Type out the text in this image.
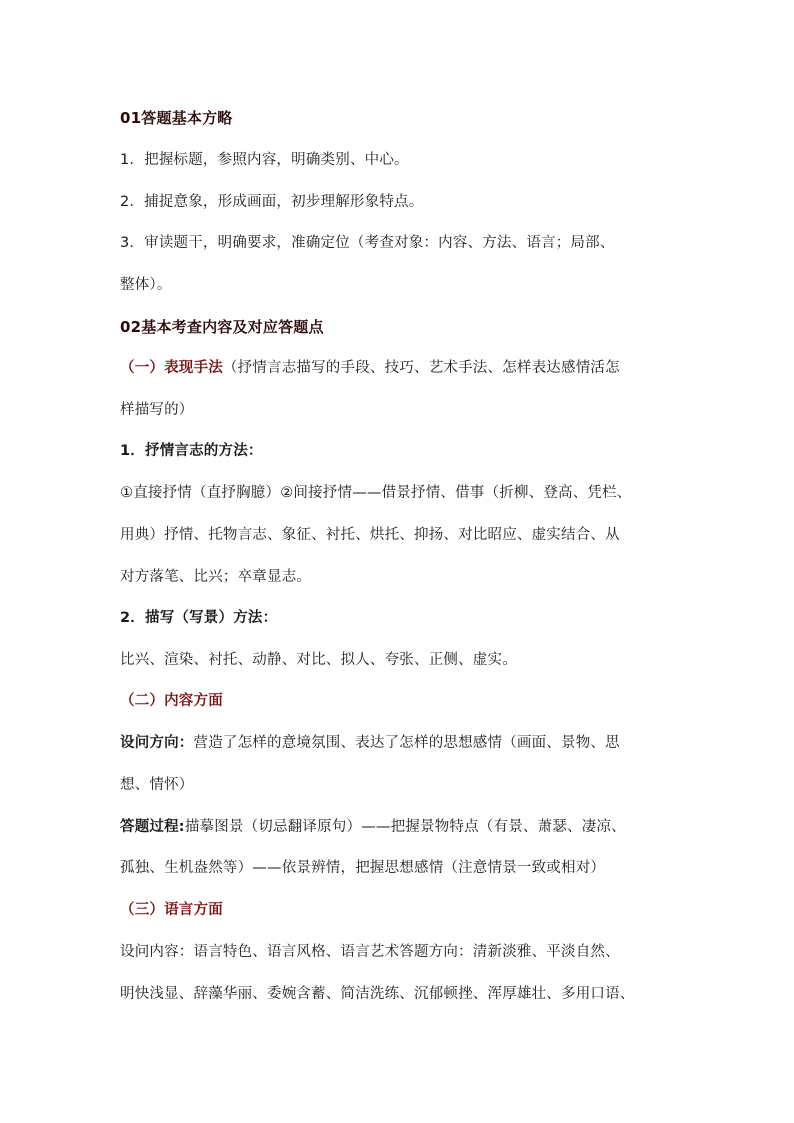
01答题基本方略
1．把握标题，参照内容，明确类别、中心。
2．捕捉意象，形成画面，初步理解形象特点。
3．审读题干，明确要求，准确定位（考查对象：内容、方法、语言；局部、
整体）。
02基本考查内容及对应答题点
（一）表现手法（抒情言志描写的手段、技巧、艺术手法、怎样表达感情活怎
样描写的）
1．抒情言志的方法：
①直接抒情（直抒胸臆）②间接抒情——借景抒情、借事（折柳、登高、凭栏、
用典）抒情、托物言志、象征、衬托、烘托、抑扬、对比昭应、虚实结合、从
对方落笔、比兴；卒章显志。
2．描写（写景）方法：
比兴、渲染、衬托、动静、对比、拟人、夸张、正侧、虚实。
（二）内容方面
设问方向：营造了怎样的意境氛围、表达了怎样的思想感情（画面、景物、思
想、情怀）
答题过程:描摹图景（切忌翻译原句）——把握景物特点（有景、萧瑟、凄凉、
孤独、生机盎然等）——依景辨情，把握思想感情（注意情景一致或相对）
（三）语言方面
设问内容：语言特色、语言风格、语言艺术答题方向：清新淡雅、平淡自然、
明快浅显、辞藻华丽、委婉含蓄、简洁洗练、沉郁顿挫、浑厚雄壮、多用口语、
